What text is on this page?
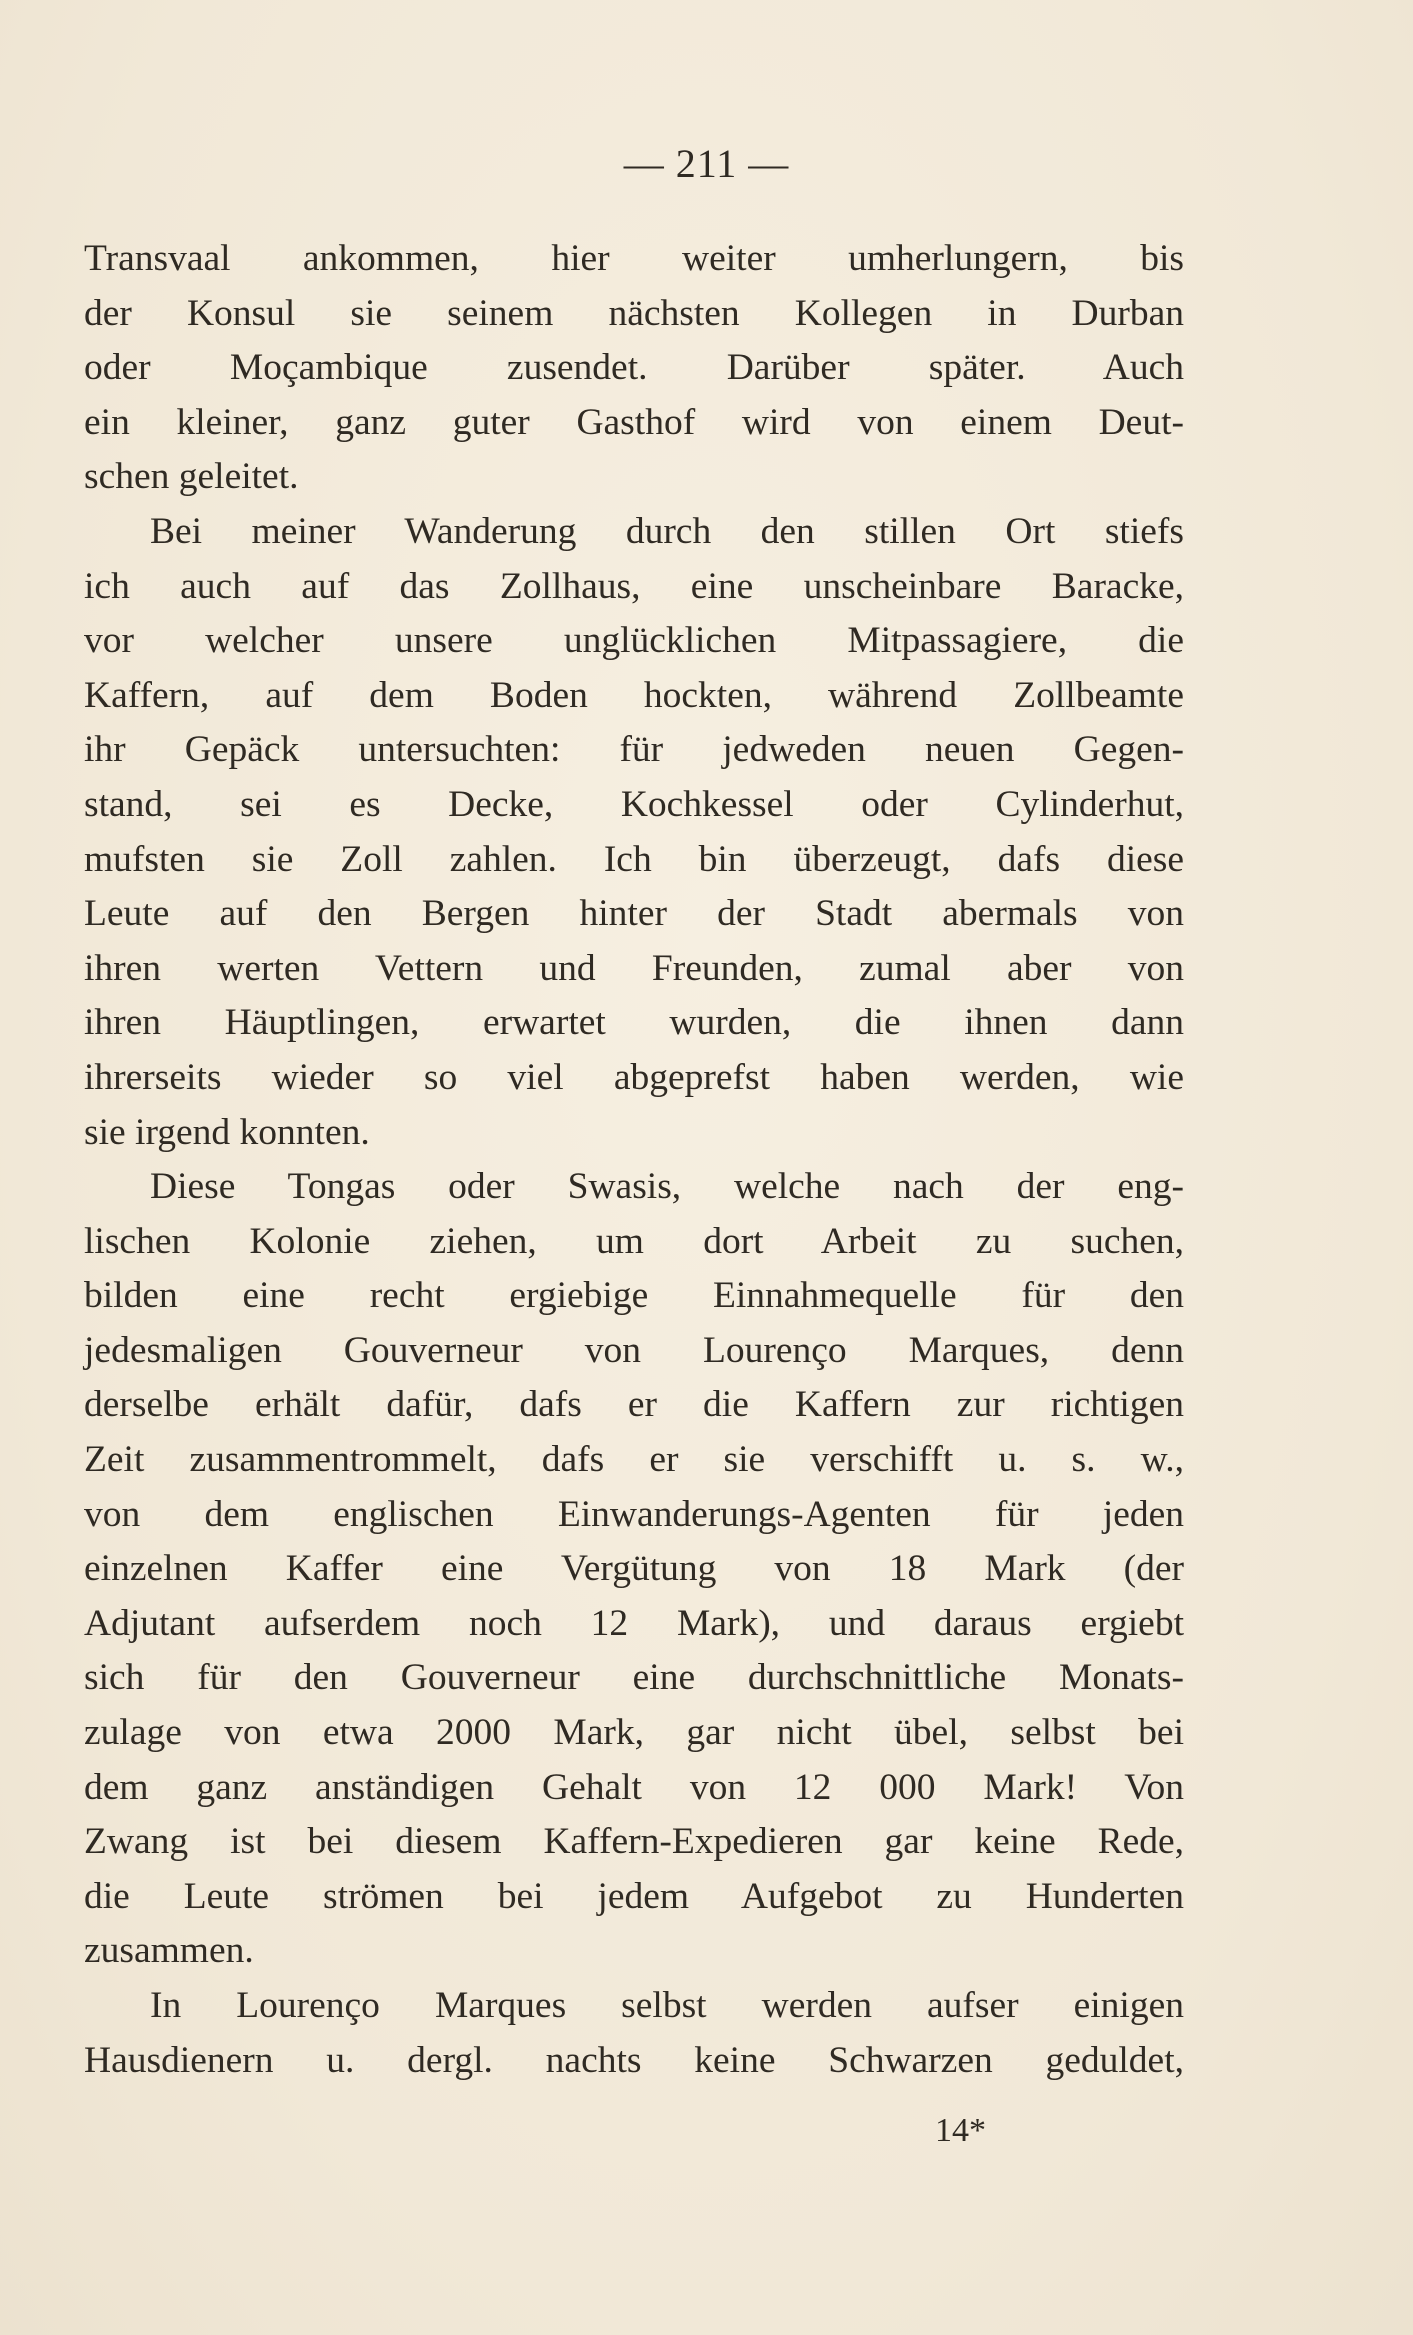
— 211 —
Transvaal ankommen, hier weiter umherlungern, bis
der Konsul sie seinem nächsten Kollegen in Durban
oder Moçambique zusendet. Darüber später. Auch
ein kleiner, ganz guter Gasthof wird von einem Deut-
schen geleitet.
Bei meiner Wanderung durch den stillen Ort stiefs
ich auch auf das Zollhaus, eine unscheinbare Baracke,
vor welcher unsere unglücklichen Mitpassagiere, die
Kaffern, auf dem Boden hockten, während Zollbeamte
ihr Gepäck untersuchten: für jedweden neuen Gegen-
stand, sei es Decke, Kochkessel oder Cylinderhut,
mufsten sie Zoll zahlen. Ich bin überzeugt, dafs diese
Leute auf den Bergen hinter der Stadt abermals von
ihren werten Vettern und Freunden, zumal aber von
ihren Häuptlingen, erwartet wurden, die ihnen dann
ihrerseits wieder so viel abgeprefst haben werden, wie
sie irgend konnten.
Diese Tongas oder Swasis, welche nach der eng-
lischen Kolonie ziehen, um dort Arbeit zu suchen,
bilden eine recht ergiebige Einnahmequelle für den
jedesmaligen Gouverneur von Lourenço Marques, denn
derselbe erhält dafür, dafs er die Kaffern zur richtigen
Zeit zusammentrommelt, dafs er sie verschifft u. s. w.,
von dem englischen Einwanderungs-Agenten für jeden
einzelnen Kaffer eine Vergütung von 18 Mark (der
Adjutant aufserdem noch 12 Mark), und daraus ergiebt
sich für den Gouverneur eine durchschnittliche Monats-
zulage von etwa 2000 Mark, gar nicht übel, selbst bei
dem ganz anständigen Gehalt von 12 000 Mark! Von
Zwang ist bei diesem Kaffern-Expedieren gar keine Rede,
die Leute strömen bei jedem Aufgebot zu Hunderten
zusammen.
In Lourenço Marques selbst werden aufser einigen
Hausdienern u. dergl. nachts keine Schwarzen geduldet,
14*
